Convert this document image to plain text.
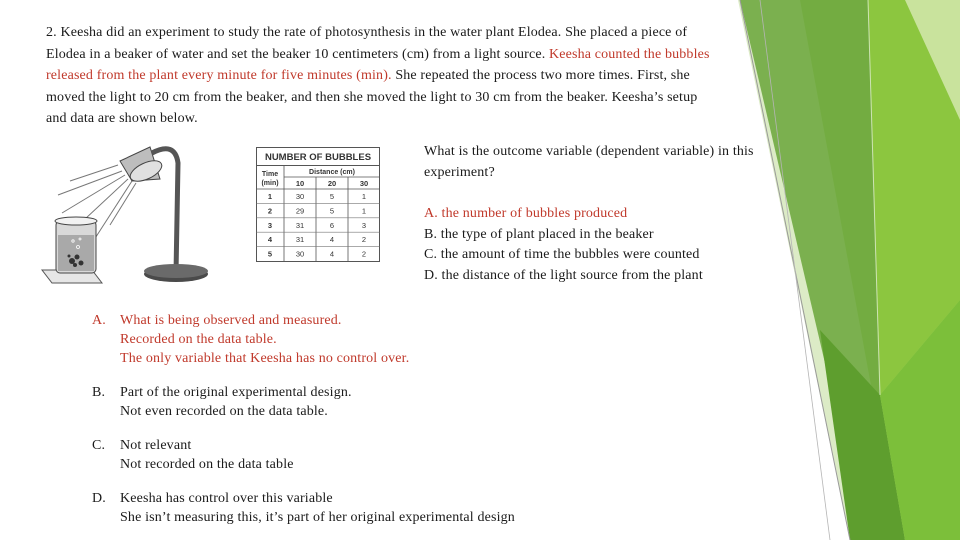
2. Keesha did an experiment to study the rate of photosynthesis in the water plant Elodea. She placed a piece of Elodea in a beaker of water and set the beaker 10 centimeters (cm) from a light source. Keesha counted the bubbles released from the plant every minute for five minutes (min). She repeated the process two more times. First, she moved the light to 20 cm from the beaker, and then she moved the light to 30 cm from the beaker. Keesha’s setup and data are shown below.
NUMBER OF BUBBLES
Time
(min)
Distance (cm)
10	20	30
1	30	5	1
2	29	5	1
3	31	6	3
4	31	4	2
5	30	4	2
What is the outcome variable (dependent variable) in this experiment?
A. the number of bubbles produced
B. the type of plant placed in the beaker
C. the amount of time the bubbles were counted
D. the distance of the light source from the plant
A. What is being observed and measured.
Recorded on the data table.
The only variable that Keesha has no control over.
B. Part of the original experimental design.
Not even recorded on the data table.
C. Not relevant
Not recorded on the data table
D. Keesha has control over this variable
She isn’t measuring this, it’s part of her original experimental design
